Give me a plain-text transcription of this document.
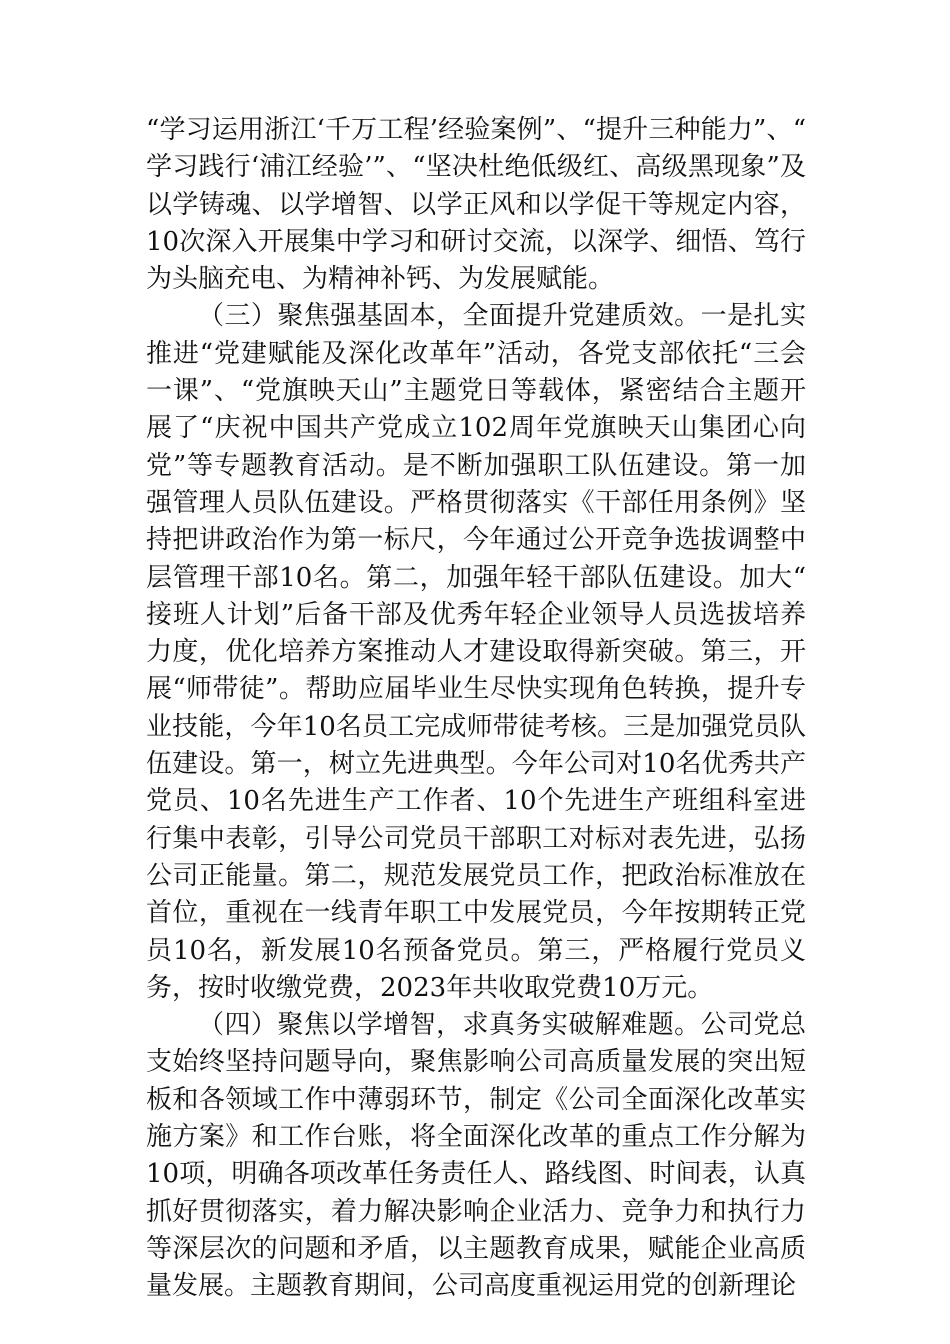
“学习运用浙江‘千万工程’经验案例”、“提升三种能力”、“学习践行‘浦江经验’”、“坚决杜绝低级红、高级黑现象”及以学铸魂、以学增智、以学正风和以学促干等规定内容，10次深入开展集中学习和研讨交流，以深学、细悟、笃行为头脑充电、为精神补钙、为发展赋能。

（三）聚焦强基固本，全面提升党建质效。一是扎实推进“党建赋能及深化改革年”活动，各党支部依托“三会一课”、“党旗映天山”主题党日等载体，紧密结合主题开展了“庆祝中国共产党成立102周年党旗映天山集团心向党”等专题教育活动。是不断加强职工队伍建设。第一加强管理人员队伍建设。严格贯彻落实《干部任用条例》坚持把讲政治作为第一标尺，今年通过公开竞争选拔调整中层管理干部10名。第二，加强年轻干部队伍建设。加大“接班人计划”后备干部及优秀年轻企业领导人员选拔培养力度，优化培养方案推动人才建设取得新突破。第三，开展“师带徒”。帮助应届毕业生尽快实现角色转换，提升专业技能，今年10名员工完成师带徒考核。三是加强党员队伍建设。第一，树立先进典型。今年公司对10名优秀共产党员、10名先进生产工作者、10个先进生产班组科室进行集中表彰，引导公司党员干部职工对标对表先进，弘扬公司正能量。第二，规范发展党员工作，把政治标准放在首位，重视在一线青年职工中发展党员，今年按期转正党员10名，新发展10名预备党员。第三，严格履行党员义务，按时收缴党费，2023年共收取党费10万元。

（四）聚焦以学增智，求真务实破解难题。公司党总支始终坚持问题导向，聚焦影响公司高质量发展的突出短板和各领域工作中薄弱环节，制定《公司全面深化改革实施方案》和工作台账，将全面深化改革的重点工作分解为10项，明确各项改革任务责任人、路线图、时间表，认真抓好贯彻落实，着力解决影响企业活力、竞争力和执行力等深层次的问题和矛盾，以主题教育成果，赋能企业高质量发展。主题教育期间，公司高度重视运用党的创新理论
